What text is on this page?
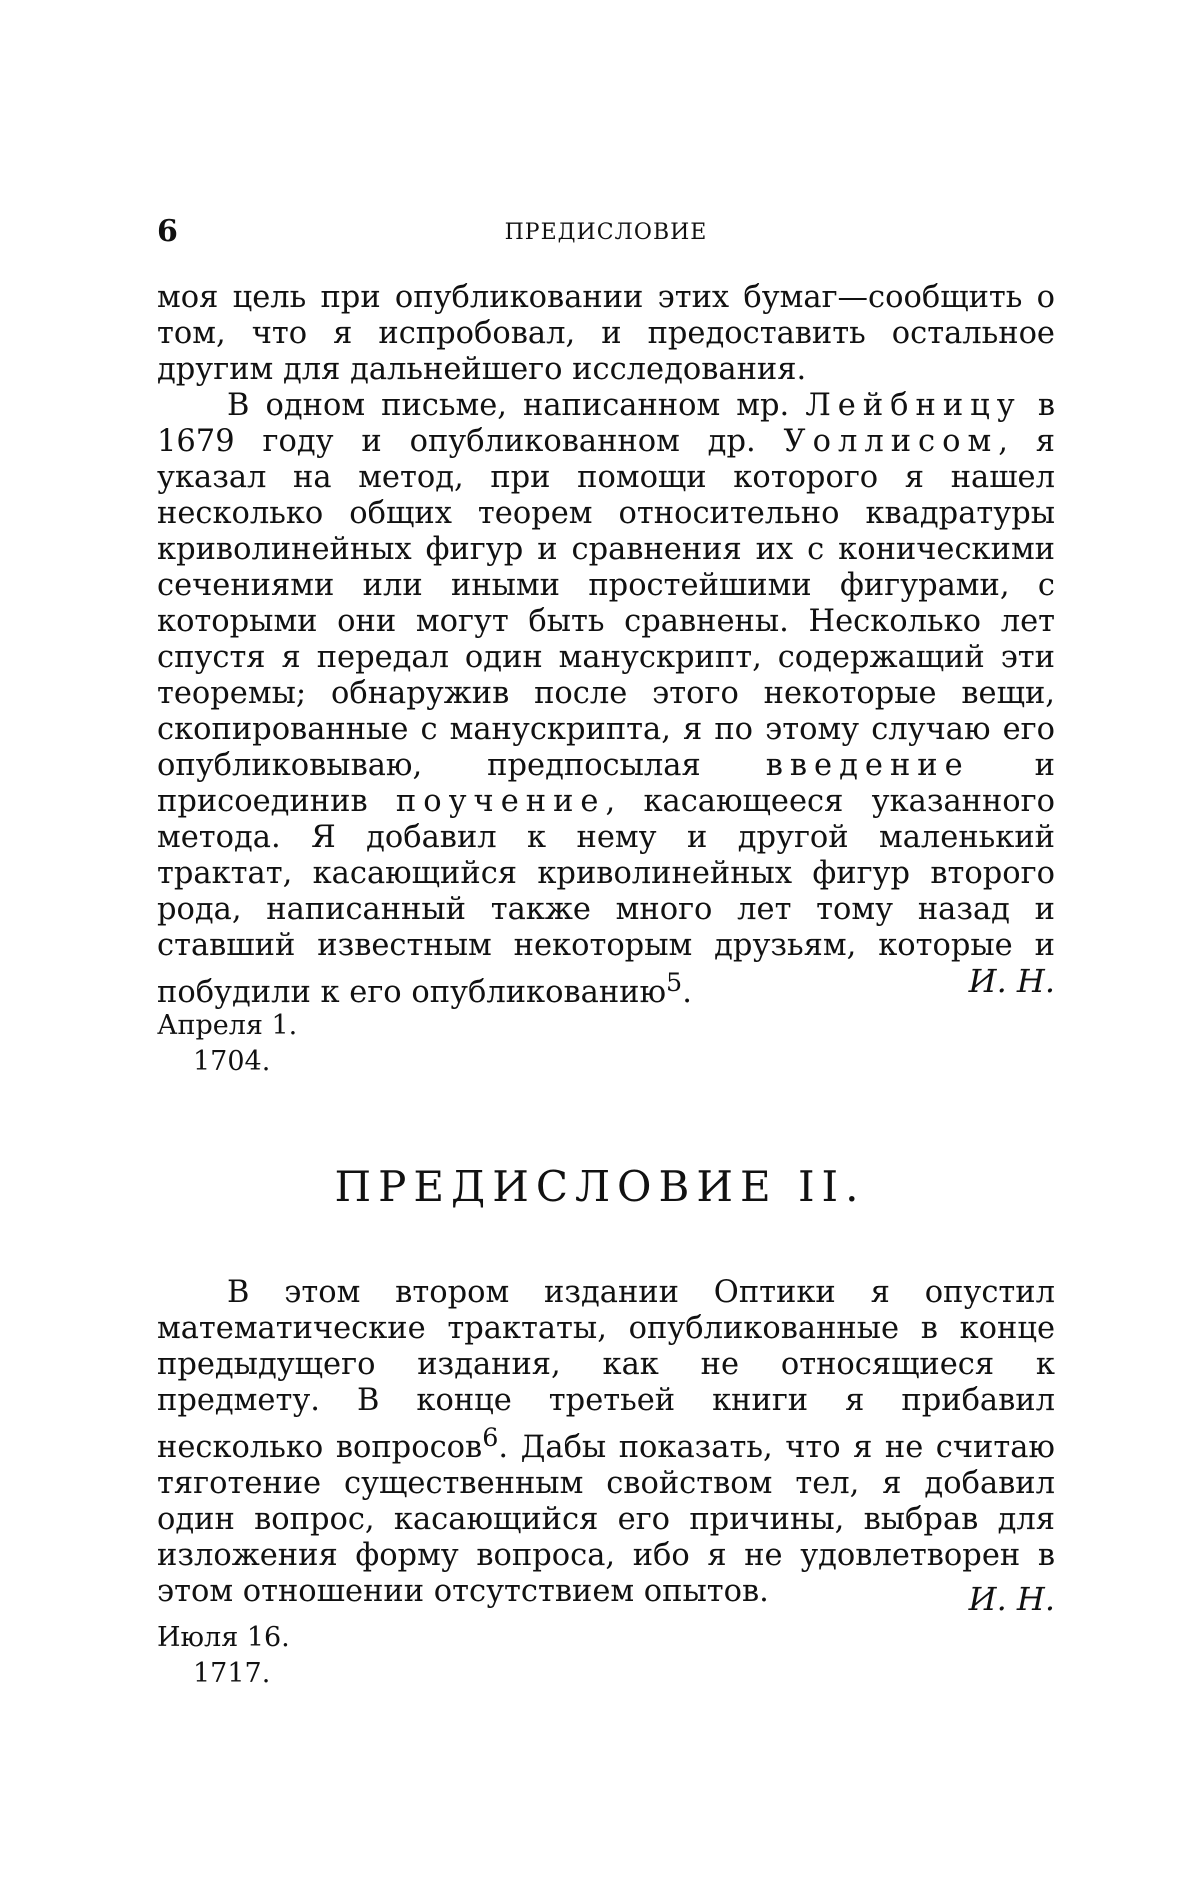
6	ПРЕДИСЛОВИЕ

моя цель при опубликовании этих бумаг—сообщить о том, что я испробовал, и предоставить остальное другим для дальнейшего исследования.

В одном письме, написанном мр. Лейбницу в 1679 году и опубликованном др. Уоллисом, я указал на метод, при помощи которого я нашел несколько общих теорем относительно квадратуры криволинейных фигур и сравнения их с коническими сечениями или иными простейшими фигурами, с которыми они могут быть сравнены. Несколько лет спустя я передал один манускрипт, содержащий эти теоремы; обнаружив после этого некоторые вещи, скопированные с манускрипта, я по этому случаю его опубликовываю, предпосылая введение и присоединив поучение, касающееся указанного метода. Я добавил к нему и другой маленький трактат, касающийся криволинейных фигур второго рода, написанный также много лет тому назад и ставший известным некоторым друзьям, которые и побудили к его опубликованию$^5$.	И. Н.
Апреля 1.
1704.
ПРЕДИСЛОВИЕ II.

В этом втором издании Оптики я опустил математические трактаты, опубликованные в конце предыдущего издания, как не относящиеся к предмету. В конце третьей книги я прибавил несколько вопросов$^6$. Дабы показать, что я не считаю тяготение существенным свойством тел, я добавил один вопрос, касающийся его причины, выбрав для изложения форму вопроса, ибо я не удовлетворен в этом отношении отсутствием опытов.	И. Н.
Июля 16.
1717.
